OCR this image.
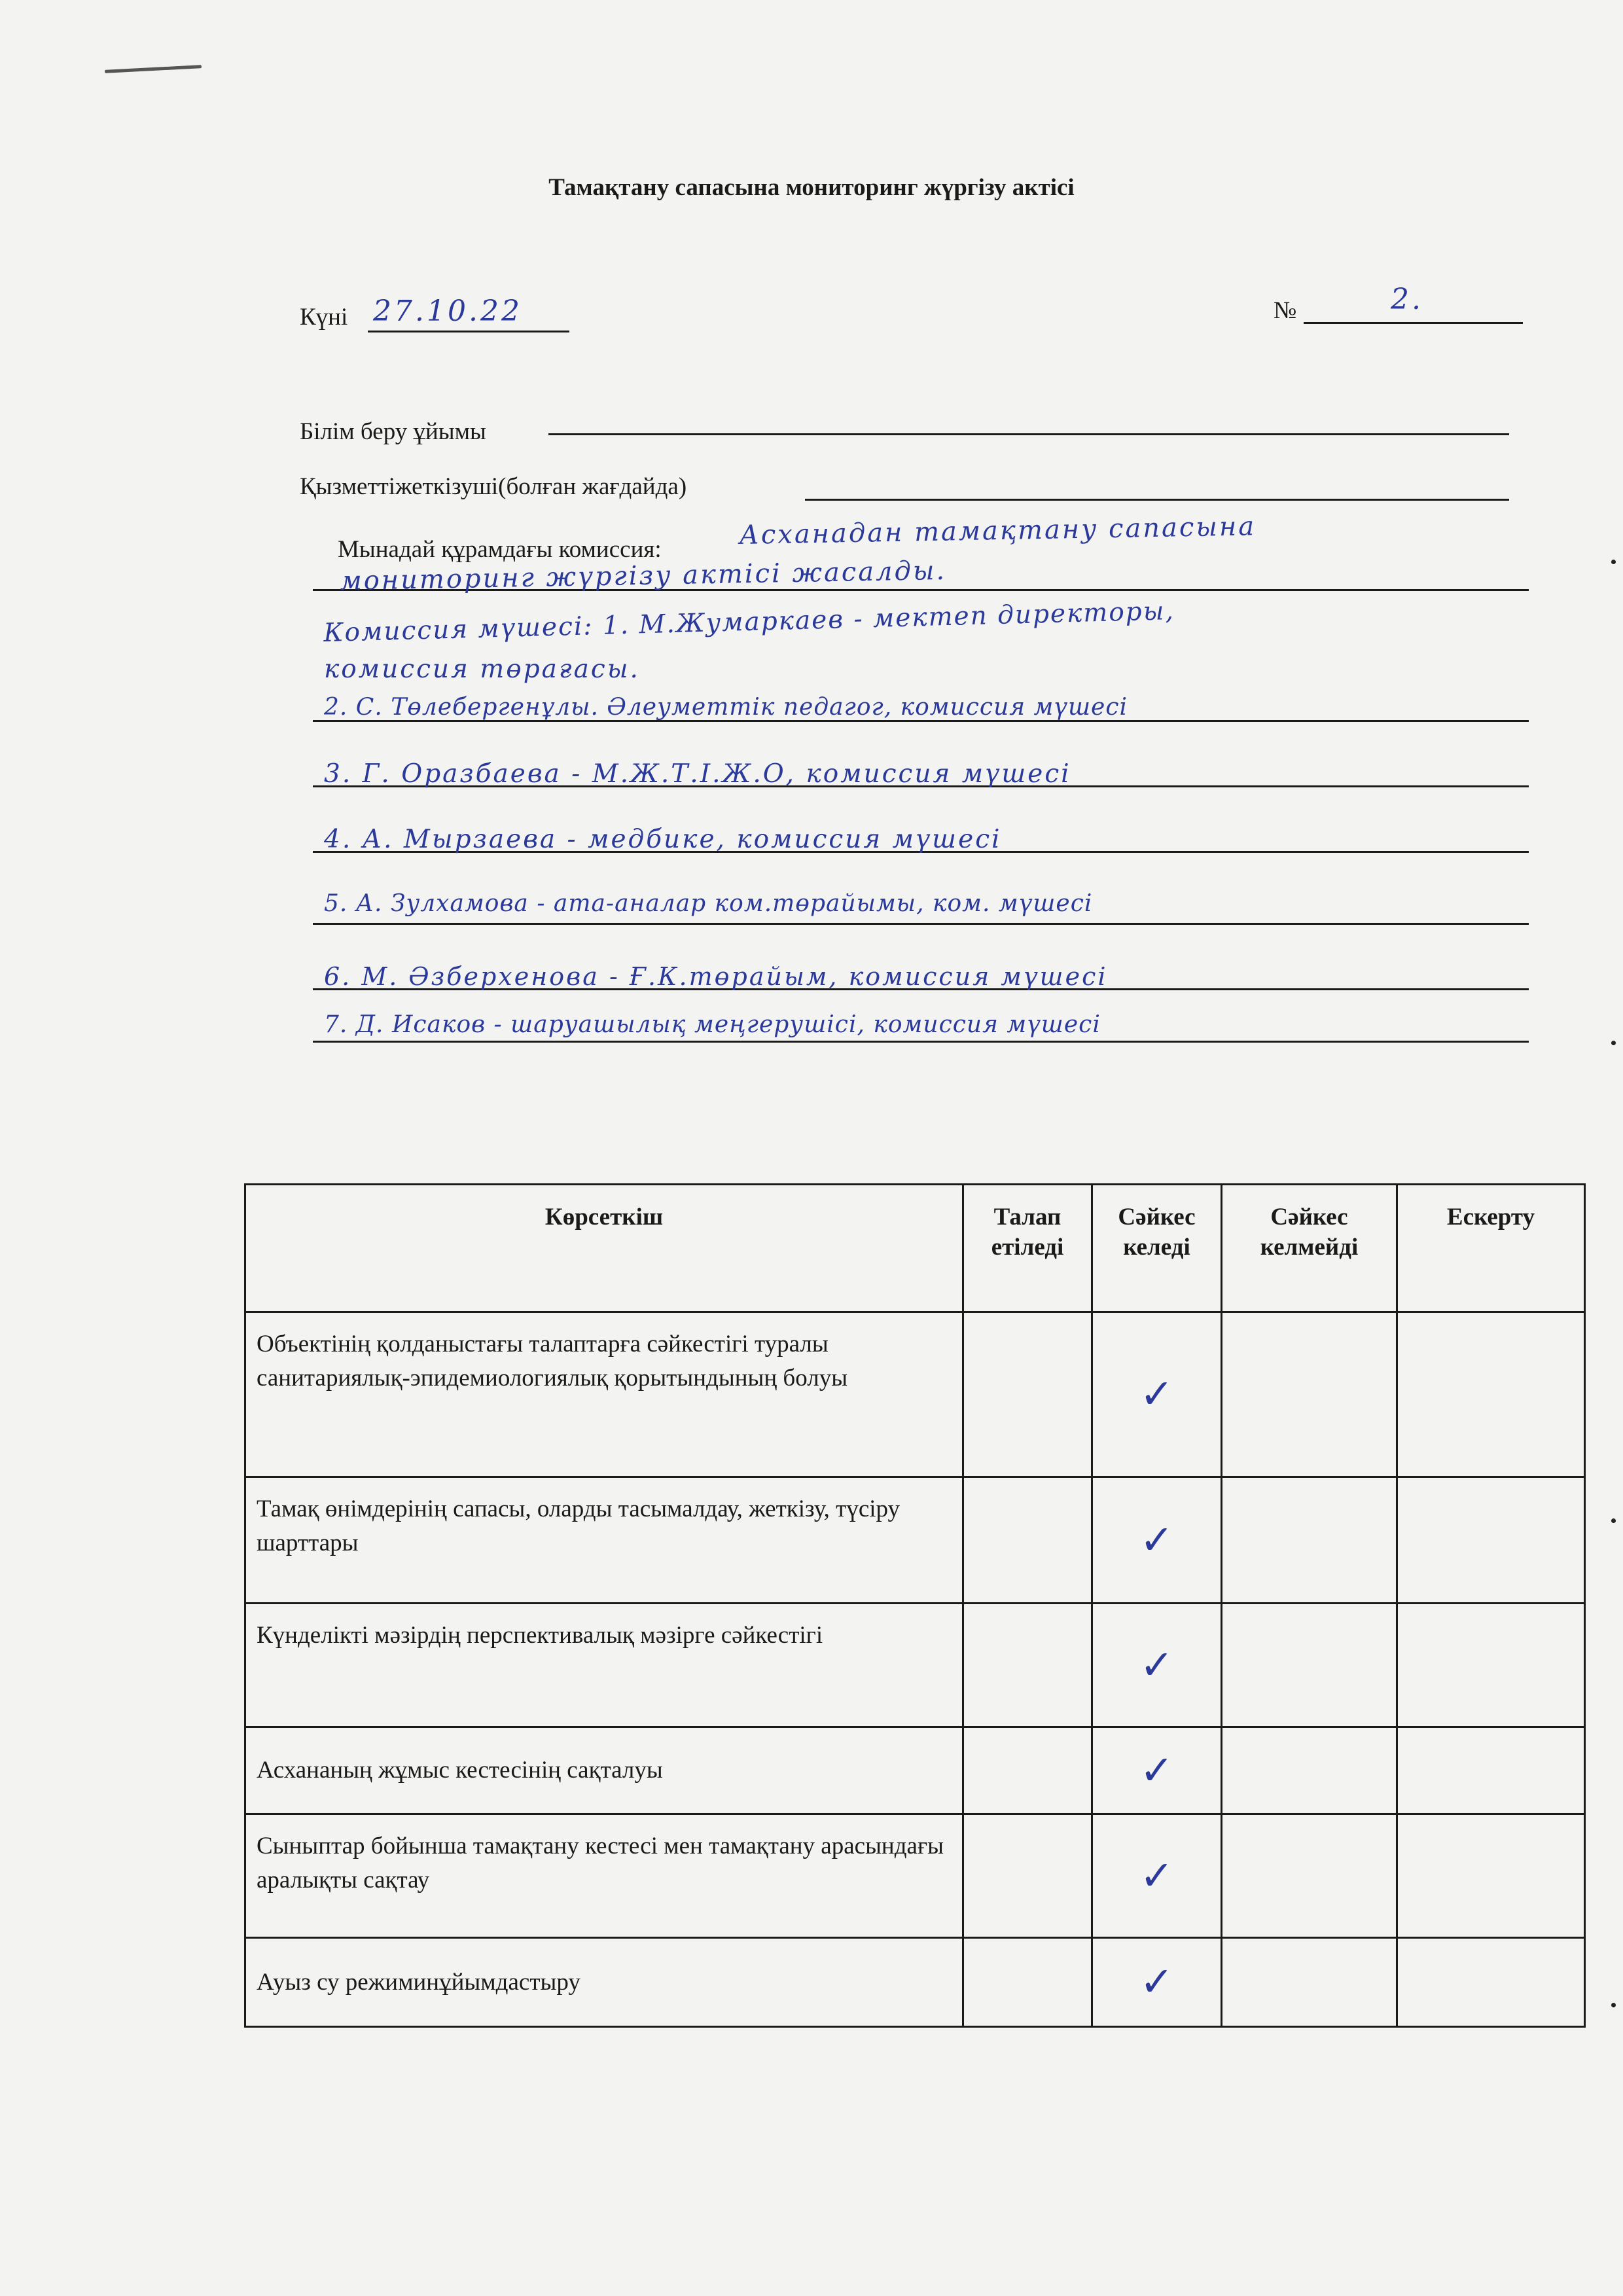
Тамақтану сапасына мониторинг жүргізу актісі
Күні 27.10.22	№	2.
Білім беру ұйымы
Қызметтіжеткізуші(болған жағдайда)
Мынадай құрамдағы комиссия:	Асханадан тамақтану сапасына
мониторинг жүргізу актісі жасалды.
Комиссия мүшесі: 1. М.Жумаркаев - мектеп директоры,
комиссия төрағасы.
2. С. Төлебергенұлы. Әлеуметтік педагог, комиссия мүшесі
3. Г. Оразбаева - М.Ж.Т.І.Ж.О, комиссия мүшесі
4. А. Мырзаева - медбике, комиссия мүшесі
5. А. Зулхамова - ата-аналар ком.төрайымы, ком. мүшесі
6. М. Әзберхенова - Ғ.К.төрайым, комиссия мүшесі
7. Д. Исаков - шаруашылық меңгерушісі, комиссия мүшесі
Көрсеткіш	Талап етіледі	Сәйкес келеді	Сәйкес келмейді	Ескерту
Объектінің қолданыстағы талаптарға сәйкестігі туралы санитариялық-эпидемиологиялық қорытындының болуы		✓		
Тамақ өнімдерінің сапасы, оларды тасымалдау, жеткізу, түсіру шарттары		✓		
Күнделікті мәзірдің перспективалық мәзірге сәйкестігі		✓		
Асхананың жұмыс кестесінің сақталуы		✓		
Сыныптар бойынша тамақтану кестесі мен тамақтану арасындағы аралықты сақтау		✓		
Ауыз су режиминұйымдастыру		✓		
